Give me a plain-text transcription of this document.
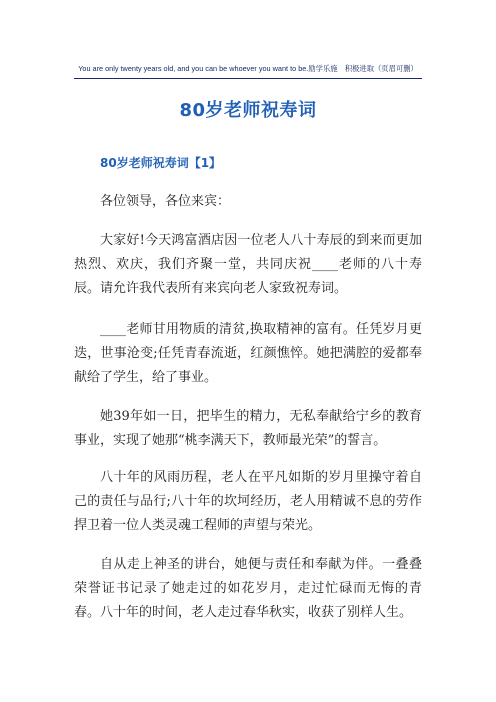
You are only twenty years old, and you can be whoever you want to be. 励学乐施　积极进取（页眉可删）
80岁老师祝寿词
80岁老师祝寿词【1】

各位领导，各位来宾：

大家好!今天鸿富酒店因一位老人八十寿辰的到来而更加热烈、欢庆，我们齐聚一堂，共同庆祝____老师的八十寿辰。请允许我代表所有来宾向老人家致祝寿词。

____老师甘用物质的清贫,换取精神的富有。任凭岁月更迭，世事沧变;任凭青春流逝，红颜憔悴。她把满腔的爱都奉献给了学生，给了事业。

她39年如一日，把毕生的精力，无私奉献给宁乡的教育事业，实现了她那“桃李满天下，教师最光荣”的誓言。

八十年的风雨历程，老人在平凡如斯的岁月里操守着自己的责任与品行;八十年的坎坷经历，老人用精诚不息的劳作捍卫着一位人类灵魂工程师的声望与荣光。

自从走上神圣的讲台，她便与责任和奉献为伴。一叠叠荣誉证书记录了她走过的如花岁月，走过忙碌而无悔的青春。八十年的时间，老人走过春华秋实，收获了别样人生。
